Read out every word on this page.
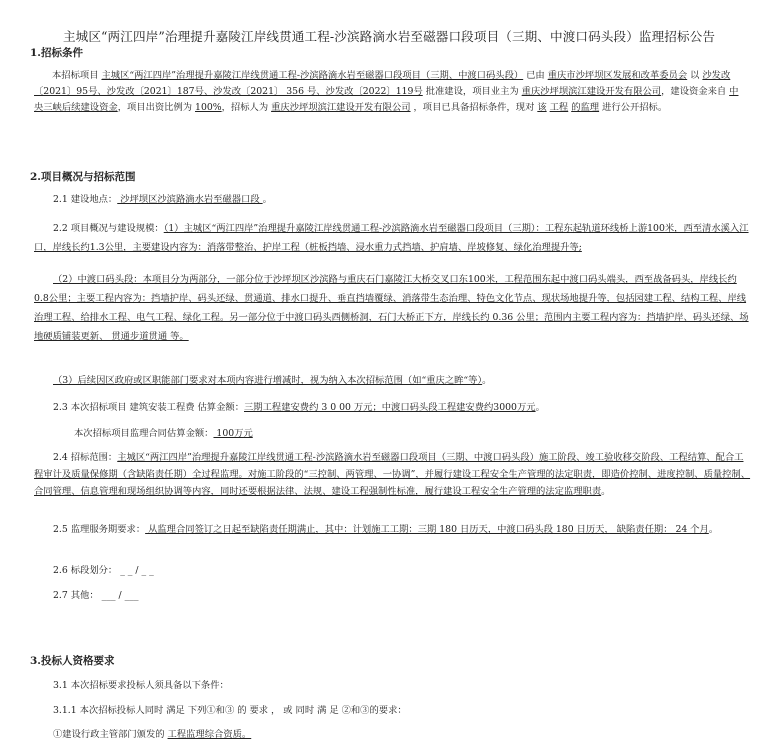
主城区“两江四岸”治理提升嘉陵江岸线贯通工程-沙滨路滴水岩至磁器口段项目（三期、中渡口码头段）监理招标公告
1.招标条件
本招标项目 主城区“两江四岸”治理提升嘉陵江岸线贯通工程-沙滨路滴水岩至磁器口段项目（三期、中渡口码头段） 已由 重庆市沙坪坝区发展和改革委员会 以 沙发改〔2021〕95号、沙发改〔2021〕187号、沙发改〔2021〕 356 号、沙发改〔2022〕119号 批准建设，项目业主为 重庆沙坪坝滨江建设开发有限公司，建设资金来自 中央三峡后续建设资金，项目出资比例为 100%，招标人为 重庆沙坪坝滨江建设开发有限公司 ，项目已具备招标条件，现对 该 工程 的监理 进行公开招标。
2.项目概况与招标范围
2.1 建设地点： 沙坪坝区沙滨路滴水岩至磁器口段 。
2.2 项目概况与建设规模：（1）主城区“两江四岸”治理提升嘉陵江岸线贯通工程-沙滨路滴水岩至磁器口段项目（三期）：工程东起轨道环线桥上游100米，西至清水溪入江口，岸线长约1.3公里，主要建设内容为：消落带整治、护岸工程（桩板挡墙、浸水重力式挡墙、护肩墙、岸坡修复、绿化治理提升等;
（2）中渡口码头段：本项目分为两部分，一部分位于沙坪坝区沙滨路与重庆石门嘉陵江大桥交叉口东100米，工程范围东起中渡口码头端头，西至战备码头，岸线长约 0.8公里；主要工程内容为：挡墙护岸、码头还绿、贯通道、排水口提升、垂直挡墙覆绿、消落带生态治理、特色文化节点、现状场地提升等，包括园建工程、结构工程、岸线治理工程、给排水工程、电气工程、绿化工程。另一部分位于中渡口码头西侧桥洞，石门大桥正下方，岸线长约 0.36 公里；范围内主要工程内容为：挡墙护岸、码头还绿、场地硬质铺装更新、 贯通步道贯通 等。
（3）后续因区政府或区职能部门要求对本项内容进行增减时，视为纳入本次招标范围（如“重庆之眸“等）。
2.3 本次招标项目 建筑安装工程费 估算金额：三期工程建安费约 3 0 00 万元；中渡口码头段工程建安费约3000万元。
本次招标项目监理合同估算金额： 100万元
2.4 招标范围：主城区“两江四岸”治理提升嘉陵江岸线贯通工程-沙滨路滴水岩至磁器口段项目（三期、中渡口码头段）施工阶段、竣工验收移交阶段、工程结算、配合工程审计及质量保修期（含缺陷责任期）全过程监理。对施工阶段的“三控制、两管理、一协调”，并履行建设工程安全生产管理的法定职责，即造价控制、进度控制、质量控制、合同管理、信息管理和现场组织协调等内容，同时还要根据法律、法规、建设工程强制性标准，履行建设工程安全生产管理的法定监理职责。
2.5 监理服务期要求： 从监理合同签订之日起至缺陷责任期满止，其中：计划施工工期：三期 180 日历天，中渡口码头段 180 日历天， 缺陷责任期： 24 个月。
2.6 标段划分： _ _ / _ _
2.7 其他： ___ / ___
3.投标人资格要求
3.1 本次招标要求投标人须具备以下条件：
3.1.1 本次招标投标人同时 满足 下列①和③ 的 要求 ， 或 同时 满 足 ②和③的要求：
①建设行政主管部门颁发的 工程监理综合资质。
